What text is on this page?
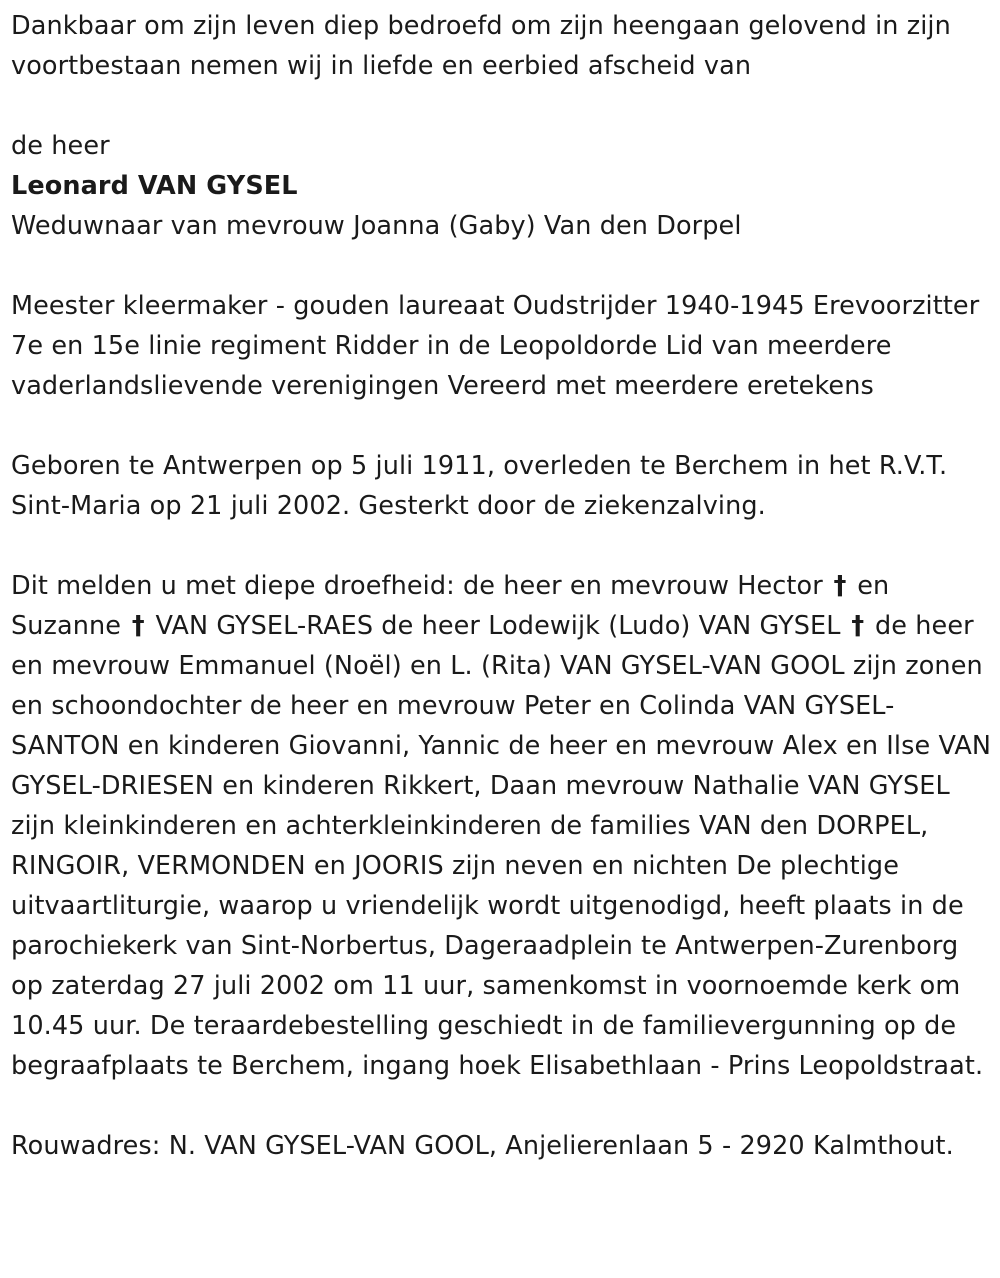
Dankbaar om zijn leven diep bedroefd om zijn heengaan gelovend in zijn voortbestaan nemen wij in liefde en eerbied afscheid van

de heer

Leonard VAN GYSEL

Weduwnaar van mevrouw Joanna (Gaby) Van den Dorpel

Meester kleermaker - gouden laureaat Oudstrijder 1940-1945 Erevoorzitter 7e en 15e linie regiment Ridder in de Leopoldorde Lid van meerdere vaderlandslievende verenigingen Vereerd met meerdere eretekens

Geboren te Antwerpen op 5 juli 1911, overleden te Berchem in het R.V.T. Sint-Maria op 21 juli 2002. Gesterkt door de ziekenzalving.

Dit melden u met diepe droefheid: de heer en mevrouw Hector † en Suzanne † VAN GYSEL-RAES de heer Lodewijk (Ludo) VAN GYSEL † de heer en mevrouw Emmanuel (Noël) en L. (Rita) VAN GYSEL-VAN GOOL zijn zonen en schoondochter de heer en mevrouw Peter en Colinda VAN GYSEL-SANTON en kinderen Giovanni, Yannic de heer en mevrouw Alex en Ilse VAN GYSEL-DRIESEN en kinderen Rikkert, Daan mevrouw Nathalie VAN GYSEL zijn kleinkinderen en achterkleinkinderen de families VAN den DORPEL, RINGOIR, VERMONDEN en JOORIS zijn neven en nichten De plechtige uitvaartliturgie, waarop u vriendelijk wordt uitgenodigd, heeft plaats in de parochiekerk van Sint-Norbertus, Dageraadplein te Antwerpen-Zurenborg op zaterdag 27 juli 2002 om 11 uur, samenkomst in voornoemde kerk om 10.45 uur. De teraardebestelling geschiedt in de familievergunning op de begraafplaats te Berchem, ingang hoek Elisabethlaan - Prins Leopoldstraat.

Rouwadres: N. VAN GYSEL-VAN GOOL, Anjelierenlaan 5 - 2920 Kalmthout.
